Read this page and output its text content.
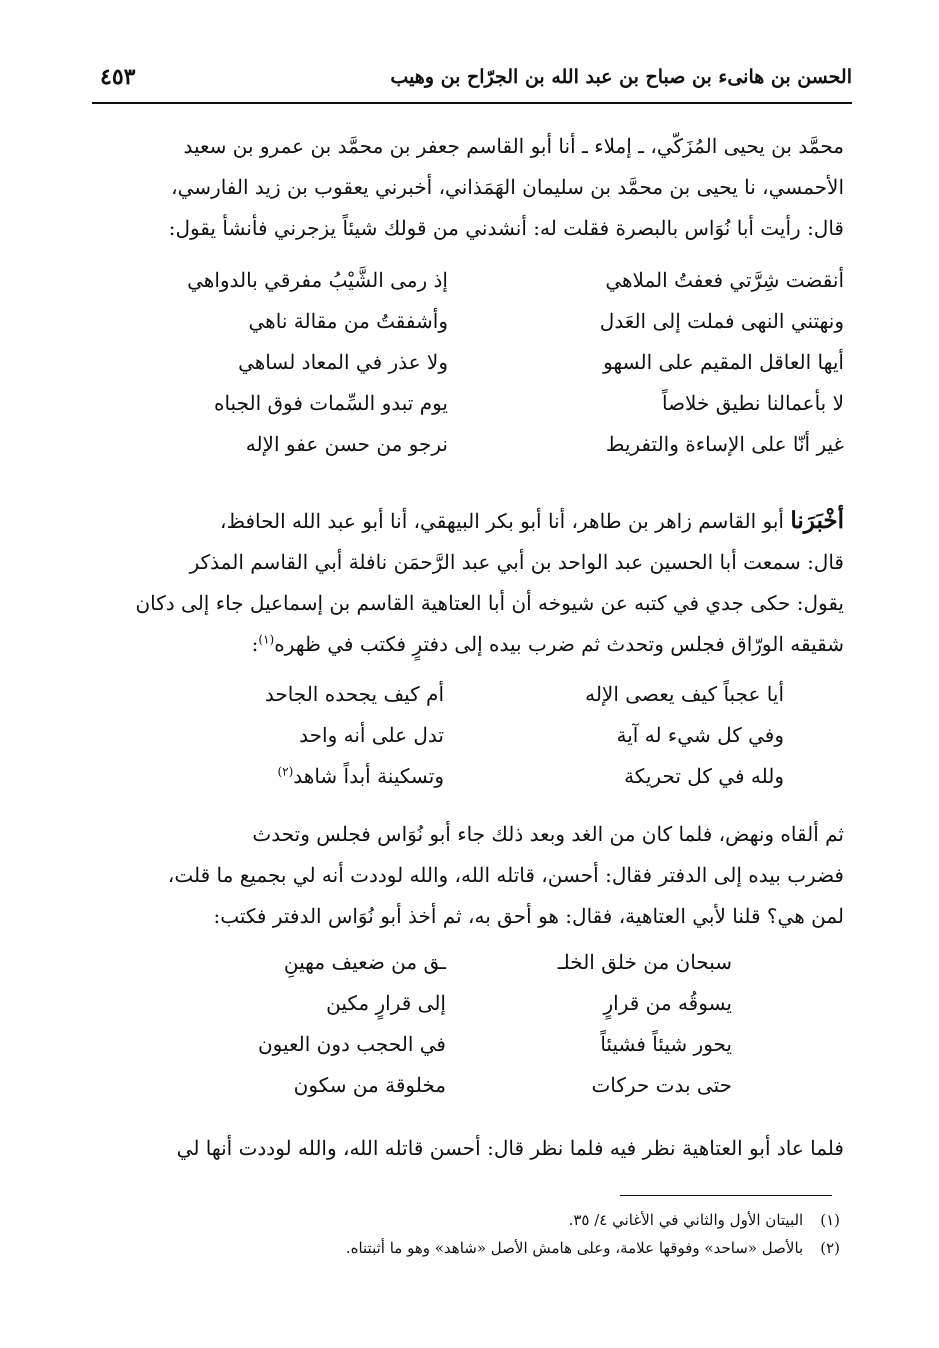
الحسن بن هانىء بن صباح بن عبد الله بن الجرّاح بن وهيب
٤٥٣
محمَّد بن يحيى المُزَكّي، ـ إملاء ـ أنا أبو القاسم جعفر بن محمَّد بن عمرو بن سعيد
الأحمسي، نا يحيى بن محمَّد بن سليمان الهَمَذاني، أخبرني يعقوب بن زيد الفارسي،
قال: رأيت أبا نُوَاس بالبصرة فقلت له: أنشدني من قولك شيئاً يزجرني فأنشأ يقول:
أنقضت شِرَّتي فعفتُ الملاهي
إذ رمى الشَّيْبُ مفرقي بالدواهي
ونهتني النهى فملت إلى العَدل
وأشفقتُ من مقالة ناهي
أيها العاقل المقيم على السهو
ولا عذر في المعاد لساهي
لا بأعمالنا نطيق خلاصاً
يوم تبدو السِّمات فوق الجباه
غير أنّا على الإساءة والتفريط
نرجو من حسن عفو الإله
أخْبَرَنا أبو القاسم زاهر بن طاهر، أنا أبو بكر البيهقي، أنا أبو عبد الله الحافظ،
قال: سمعت أبا الحسين عبد الواحد بن أبي عبد الرَّحمَن نافلة أبي القاسم المذكر
يقول: حكى جدي في كتبه عن شيوخه أن أبا العتاهية القاسم بن إسماعيل جاء إلى دكان
شقيقه الورّاق فجلس وتحدث ثم ضرب بيده إلى دفترٍ فكتب في ظهره$^{(١)}$:
أيا عجباً كيف يعصى الإله
أم كيف يجحده الجاحد
وفي كل شيء له آية
تدل على أنه واحد
ولله في كل تحريكة
وتسكينة أبداً شاهد$^{(٢)}$
ثم ألقاه ونهض، فلما كان من الغد وبعد ذلك جاء أبو نُوَاس فجلس وتحدث
فضرب بيده إلى الدفتر فقال: أحسن، قاتله الله، والله لوددت أنه لي بجميع ما قلت،
لمن هي؟ قلنا لأبي العتاهية، فقال: هو أحق به، ثم أخذ أبو نُوَاس الدفتر فكتب:
سبحان من خلق الخلـ
ـق من ضعيف مهينِ
يسوقُه من قرارٍ
إلى قرارٍ مكين
يحور شيئاً فشيئاً
في الحجب دون العيون
حتى بدت حركات
مخلوقة من سكون
فلما عاد أبو العتاهية نظر فيه فلما نظر قال: أحسن قاتله الله، والله لوددت أنها لي
(١) البيتان الأول والثاني في الأغاني ٤/ ٣٥.
(٢) بالأصل «ساحد» وفوقها علامة، وعلى هامش الأصل «شاهد» وهو ما أثبتناه.
